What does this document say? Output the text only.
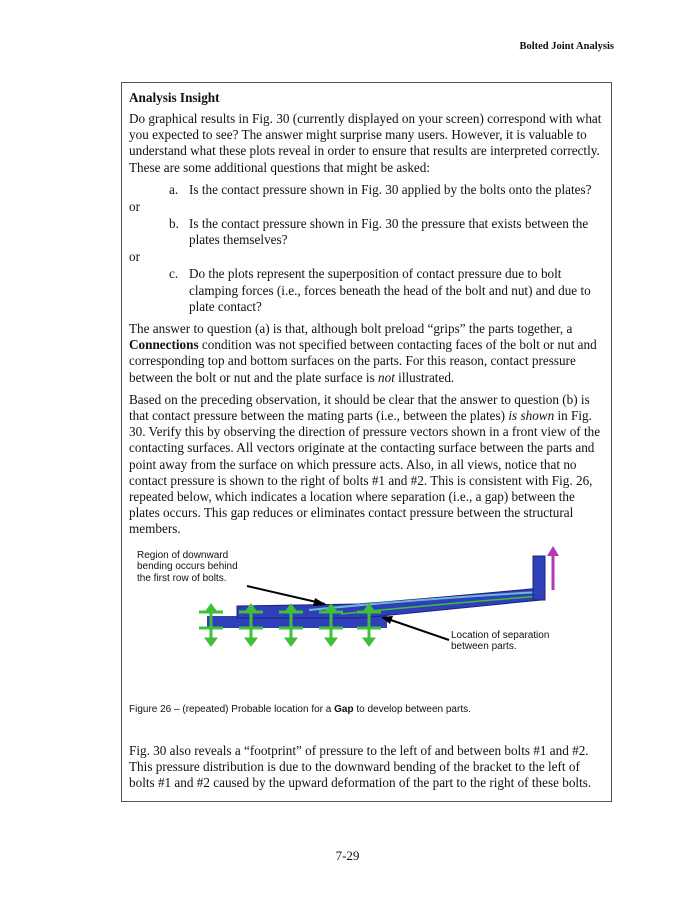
Bolted Joint Analysis
Analysis Insight

Do graphical results in Fig. 30 (currently displayed on your screen) correspond with what you expected to see? The answer might surprise many users. However, it is valuable to understand what these plots reveal in order to ensure that results are interpreted correctly. These are some additional questions that might be asked:

a. Is the contact pressure shown in Fig. 30 applied by the bolts onto the plates?
or
b. Is the contact pressure shown in Fig. 30 the pressure that exists between the plates themselves?
or
c. Do the plots represent the superposition of contact pressure due to bolt clamping forces (i.e., forces beneath the head of the bolt and nut) and due to plate contact?

The answer to question (a) is that, although bolt preload “grips” the parts together, a Connections condition was not specified between contacting faces of the bolt or nut and corresponding top and bottom surfaces on the parts. For this reason, contact pressure between the bolt or nut and the plate surface is not illustrated.

Based on the preceding observation, it should be clear that the answer to question (b) is that contact pressure between the mating parts (i.e., between the plates) is shown in Fig. 30. Verify this by observing the direction of pressure vectors shown in a front view of the contacting surfaces. All vectors originate at the contacting surface between the parts and point away from the surface on which pressure acts. Also, in all views, notice that no contact pressure is shown to the right of bolts #1 and #2. This is consistent with Fig. 26, repeated below, which indicates a location where separation (i.e., a gap) between the plates occurs. This gap reduces or eliminates contact pressure between the structural members.

Region of downward
bending occurs behind
the first row of bolts.
Location of separation
between parts.
Figure 26 – (repeated) Probable location for a Gap to develop between parts.

Fig. 30 also reveals a “footprint” of pressure to the left of and between bolts #1 and #2. This pressure distribution is due to the downward bending of the bracket to the left of bolts #1 and #2 caused by the upward deformation of the part to the right of these bolts.

7-29
